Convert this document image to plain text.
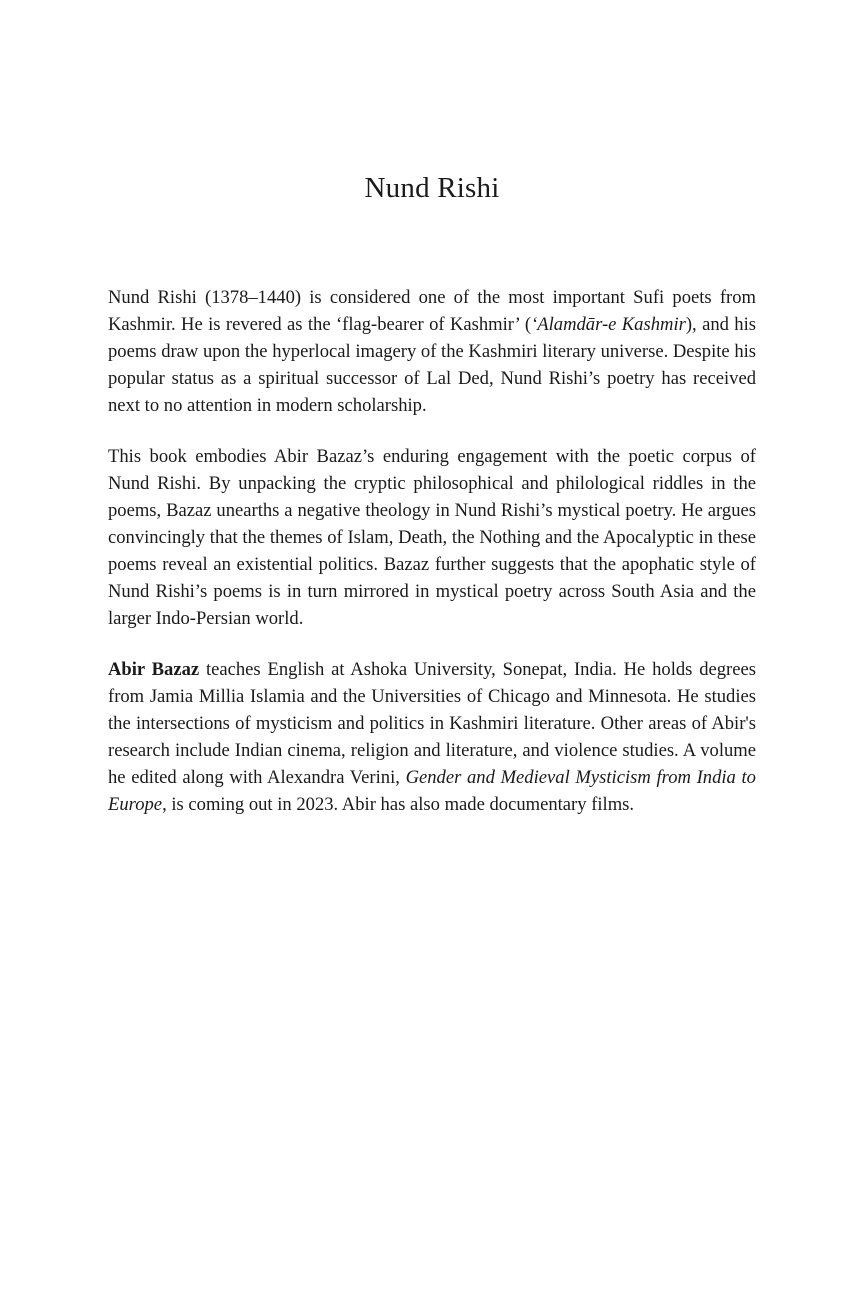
Nund Rishi

Nund Rishi (1378–1440) is considered one of the most important Sufi poets from Kashmir. He is revered as the ‘flag-bearer of Kashmir’ (‘Alamdār-e Kashmir), and his poems draw upon the hyperlocal imagery of the Kashmiri literary universe. Despite his popular status as a spiritual successor of Lal Ded, Nund Rishi’s poetry has received next to no attention in modern scholarship.

This book embodies Abir Bazaz’s enduring engagement with the poetic corpus of Nund Rishi. By unpacking the cryptic philosophical and philological riddles in the poems, Bazaz unearths a negative theology in Nund Rishi’s mystical poetry. He argues convincingly that the themes of Islam, Death, the Nothing and the Apocalyptic in these poems reveal an existential politics. Bazaz further suggests that the apophatic style of Nund Rishi’s poems is in turn mirrored in mystical poetry across South Asia and the larger Indo-Persian world.

Abir Bazaz teaches English at Ashoka University, Sonepat, India. He holds degrees from Jamia Millia Islamia and the Universities of Chicago and Minnesota. He studies the intersections of mysticism and politics in Kashmiri literature. Other areas of Abir's research include Indian cinema, religion and literature, and violence studies. A volume he edited along with Alexandra Verini, Gender and Medieval Mysticism from India to Europe, is coming out in 2023. Abir has also made documentary films.
